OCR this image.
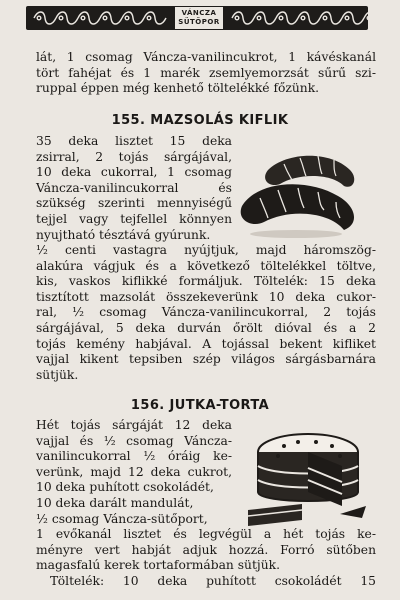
VÁNCZA
SÜTŐPOR
lát, 1 csomag Váncza-vanilincukrot, 1 kávéskanál
tört fahéjat és 1 marék zsemlyemorzsát sűrű szi-
ruppal éppen még kenhető töltelékké főzünk.
155. MAZSOLÁS KIFLIK
35 deka lisztet 15 deka
zsirral, 2 tojás sárgájával,
10 deka cukorral, 1 csomag
Váncza-vanilincukorral és
szükség szerinti mennyiségű
tejjel vagy tejfellel könnyen
nyujtható tésztává gyúrunk.
½ centi vastagra nyújtjuk, majd háromszög-
alakúra vágjuk és a következő töltelékkel töltve,
kis, vaskos kiflikké formáljuk. Töltelék: 15 deka
tisztított mazsolát összekeverünk 10 deka cukor-
ral, ½ csomag Váncza-vanilincukorral, 2 tojás
sárgájával, 5 deka durván őrölt dióval és a 2
tojás kemény habjával. A tojással bekent kifliket
vajjal kikent tepsiben szép világos sárgásbarnára
sütjük.
156. JUTKA-TORTA
Hét tojás sárgáját 12 deka
vajjal és ½ csomag Váncza-
vanilincukorral ½ óráig ke-
verünk, majd 12 deka cukrot,
10 deka puhított csokoládét,
10 deka darált mandulát,
½ csomag Váncza-sütőport,
1 evőkanál lisztet és legvégül a hét tojás ke-
ményre vert habját adjuk hozzá. Forró sütőben
magasfalú kerek tortaformában sütjük.
Töltelék: 10 deka puhított csokoládét 15
